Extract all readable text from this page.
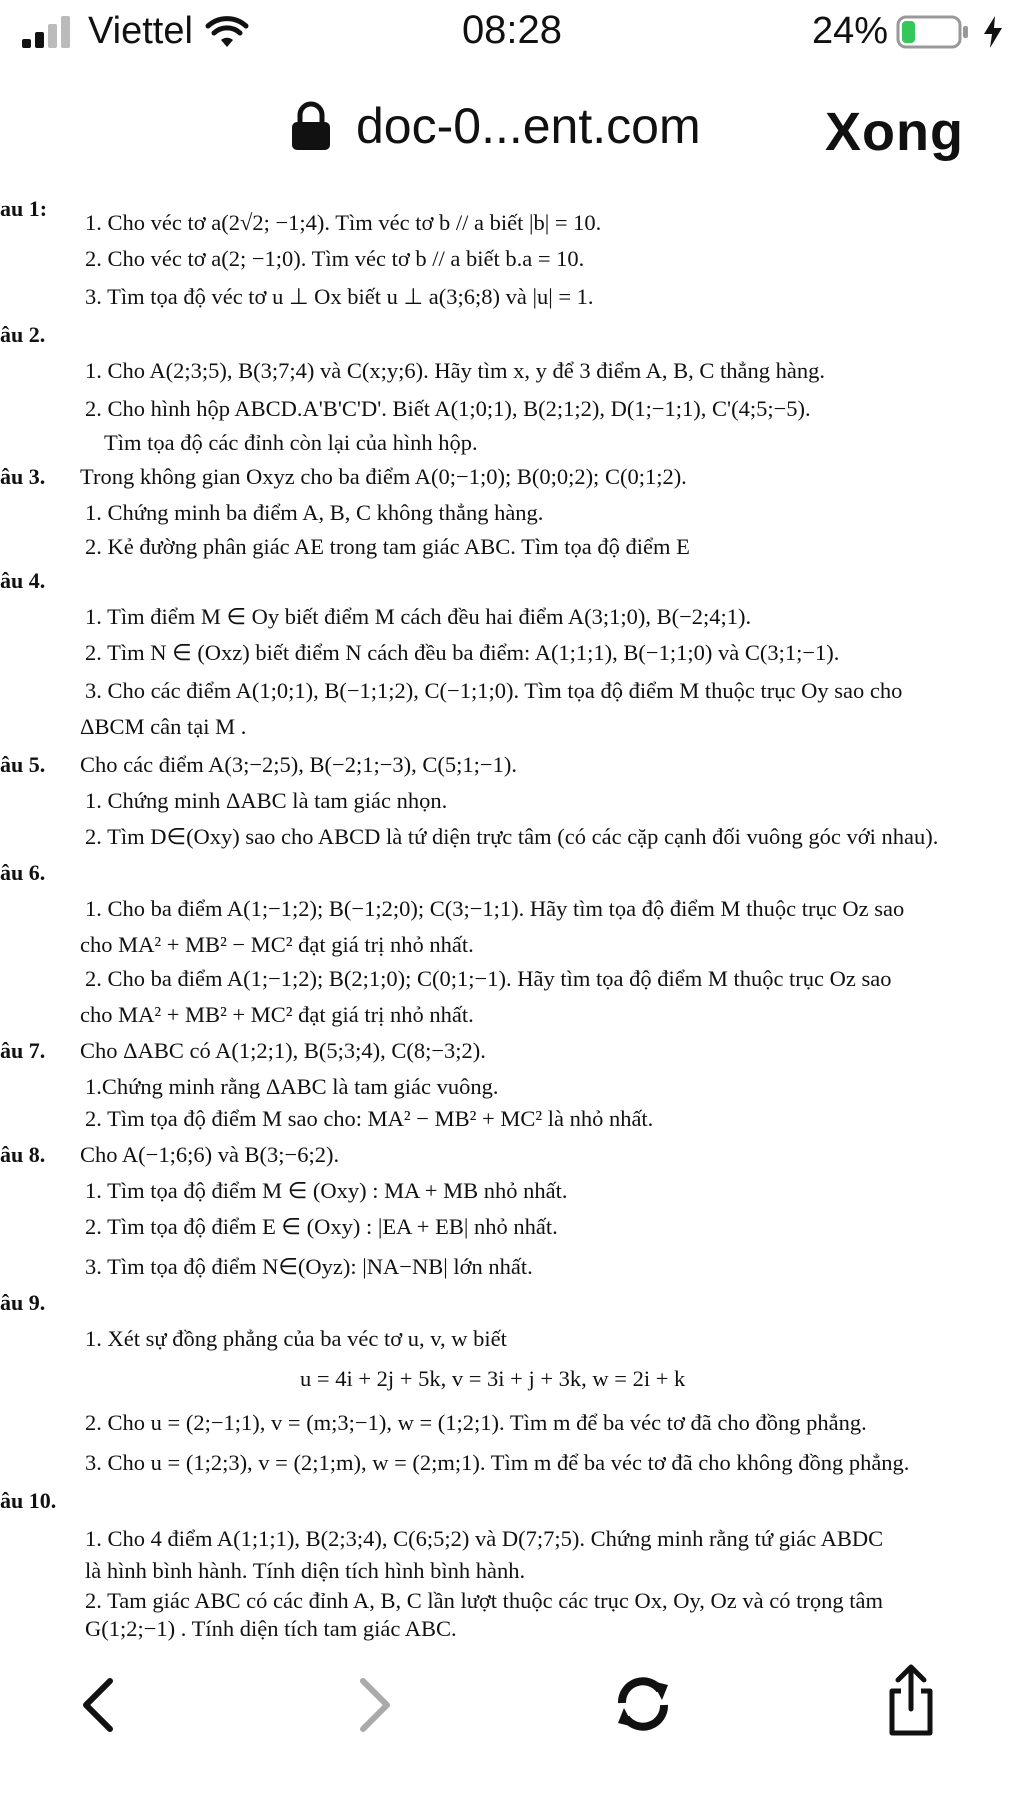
Viettel	08:28	24%
doc-0...ent.com Xong
au 1:
1. Cho véc tơ a(2√2; −1;4). Tìm véc tơ b // a biết |b| = 10.
2. Cho véc tơ a(2; −1;0). Tìm véc tơ b // a biết b.a = 10.
3. Tìm tọa độ véc tơ u ⊥ Ox biết u ⊥ a(3;6;8) và |u| = 1.
âu 2.
1. Cho A(2;3;5), B(3;7;4) và C(x;y;6). Hãy tìm x, y để 3 điểm A, B, C thẳng hàng.
2. Cho hình hộp ABCD.A'B'C'D'. Biết A(1;0;1), B(2;1;2), D(1;−1;1), C'(4;5;−5).
Tìm tọa độ các đỉnh còn lại của hình hộp.
âu 3. Trong không gian Oxyz cho ba điểm A(0;−1;0); B(0;0;2); C(0;1;2).
1. Chứng minh ba điểm A, B, C không thẳng hàng.
2. Kẻ đường phân giác AE trong tam giác ABC. Tìm tọa độ điểm E
âu 4.
1. Tìm điểm M ∈ Oy biết điểm M cách đều hai điểm A(3;1;0), B(−2;4;1).
2. Tìm N ∈ (Oxz) biết điểm N cách đều ba điểm: A(1;1;1), B(−1;1;0) và C(3;1;−1).
3. Cho các điểm A(1;0;1), B(−1;1;2), C(−1;1;0). Tìm tọa độ điểm M thuộc trục Oy sao cho
ΔBCM cân tại M .
âu 5. Cho các điểm A(3;−2;5), B(−2;1;−3), C(5;1;−1).
1. Chứng minh ΔABC là tam giác nhọn.
2. Tìm D∈(Oxy) sao cho ABCD là tứ diện trực tâm (có các cặp cạnh đối vuông góc với nhau).
âu 6.
1. Cho ba điểm A(1;−1;2); B(−1;2;0); C(3;−1;1). Hãy tìm tọa độ điểm M thuộc trục Oz sao
cho MA² + MB² − MC² đạt giá trị nhỏ nhất.
2. Cho ba điểm A(1;−1;2); B(2;1;0); C(0;1;−1). Hãy tìm tọa độ điểm M thuộc trục Oz sao
cho MA² + MB² + MC² đạt giá trị nhỏ nhất.
âu 7. Cho ΔABC có A(1;2;1), B(5;3;4), C(8;−3;2).
1.Chứng minh rằng ΔABC là tam giác vuông.
2. Tìm tọa độ điểm M sao cho: MA² − MB² + MC² là nhỏ nhất.
âu 8. Cho A(−1;6;6) và B(3;−6;2).
1. Tìm tọa độ điểm M ∈ (Oxy) : MA + MB nhỏ nhất.
2. Tìm tọa độ điểm E ∈ (Oxy) : |EA + EB| nhỏ nhất.
3. Tìm tọa độ điểm N∈(Oyz): |NA−NB| lớn nhất.
âu 9.
1. Xét sự đồng phẳng của ba véc tơ u, v, w biết
u = 4i + 2j + 5k, v = 3i + j + 3k, w = 2i + k
2. Cho u = (2;−1;1), v = (m;3;−1), w = (1;2;1). Tìm m để ba véc tơ đã cho đồng phẳng.
3. Cho u = (1;2;3), v = (2;1;m), w = (2;m;1). Tìm m để ba véc tơ đã cho không đồng phẳng.
âu 10.
1. Cho 4 điểm A(1;1;1), B(2;3;4), C(6;5;2) và D(7;7;5). Chứng minh rằng tứ giác ABDC
là hình bình hành. Tính diện tích hình bình hành.
2. Tam giác ABC có các đỉnh A, B, C lần lượt thuộc các trục Ox, Oy, Oz và có trọng tâm
G(1;2;−1) . Tính diện tích tam giác ABC.
